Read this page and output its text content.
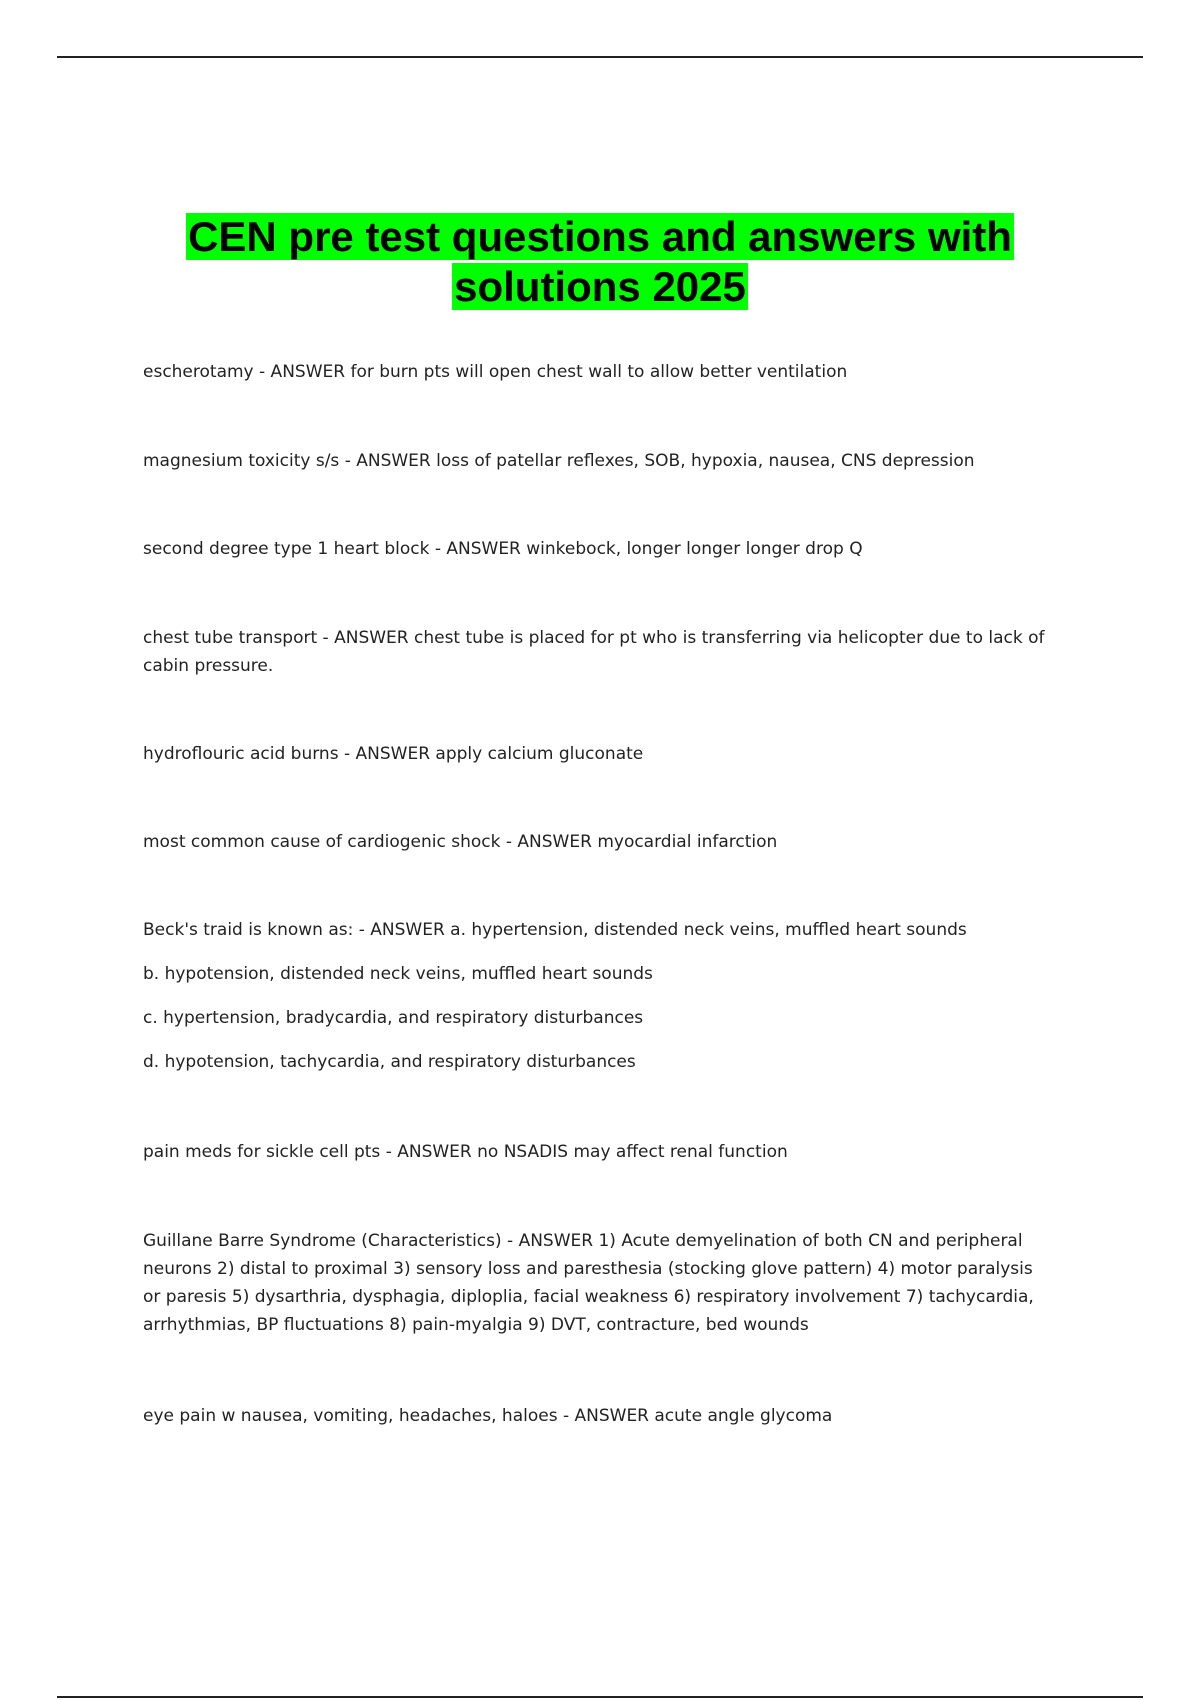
CEN pre test questions and answers with
solutions 2025

escherotamy - ANSWER for burn pts will open chest wall to allow better ventilation

magnesium toxicity s/s - ANSWER loss of patellar reflexes, SOB, hypoxia, nausea, CNS depression

second degree type 1 heart block - ANSWER winkebock, longer longer longer drop Q

chest tube transport - ANSWER chest tube is placed for pt who is transferring via helicopter due to lack of cabin pressure.

hydroflouric acid burns - ANSWER apply calcium gluconate

most common cause of cardiogenic shock - ANSWER myocardial infarction

Beck's traid is known as: - ANSWER a. hypertension, distended neck veins, muffled heart sounds
b. hypotension, distended neck veins, muffled heart sounds
c. hypertension, bradycardia, and respiratory disturbances
d. hypotension, tachycardia, and respiratory disturbances

pain meds for sickle cell pts - ANSWER no NSADIS may affect renal function

Guillane Barre Syndrome (Characteristics) - ANSWER 1) Acute demyelination of both CN and peripheral neurons 2) distal to proximal 3) sensory loss and paresthesia (stocking glove pattern) 4) motor paralysis or paresis 5) dysarthria, dysphagia, diploplia, facial weakness 6) respiratory involvement 7) tachycardia, arrhythmias, BP fluctuations 8) pain-myalgia 9) DVT, contracture, bed wounds

eye pain w nausea, vomiting, headaches, haloes - ANSWER acute angle glycoma
